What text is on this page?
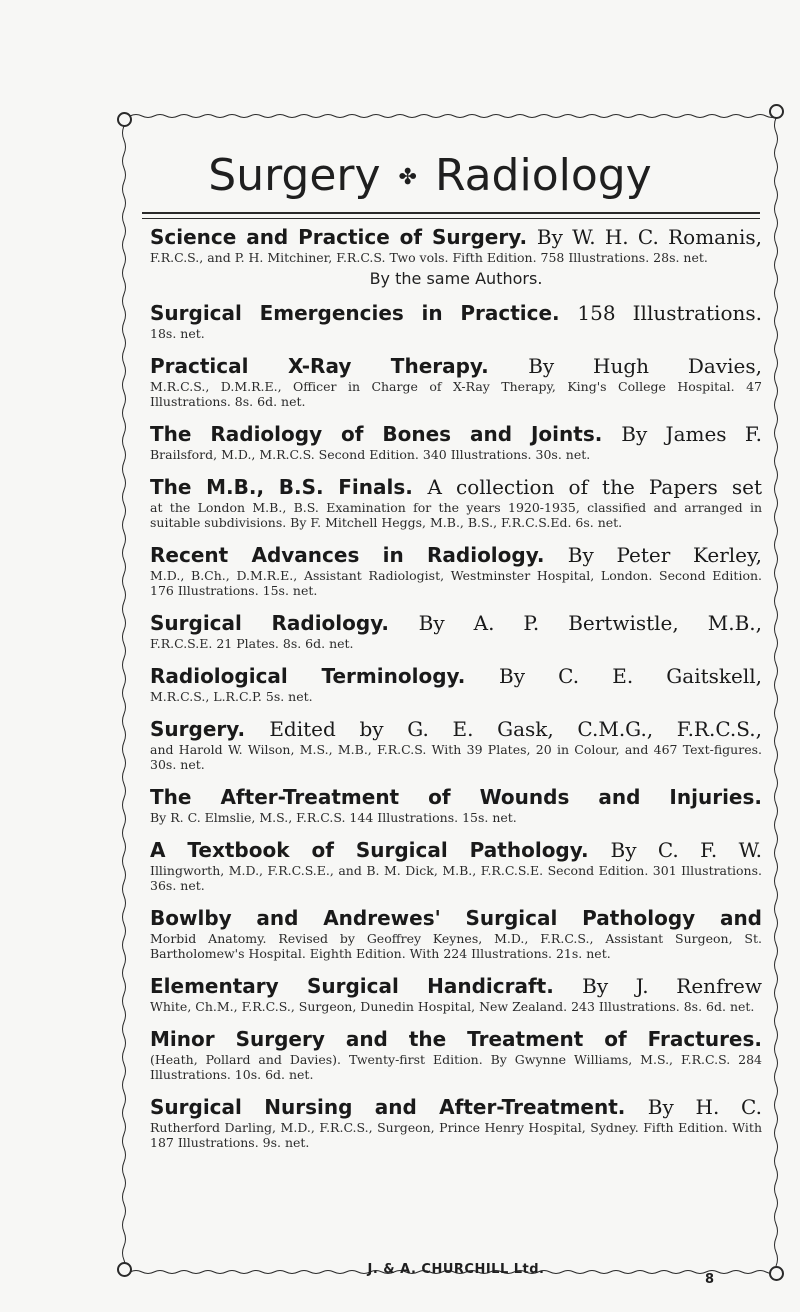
Surgery ✤ Radiology
Science and Practice of Surgery. By W. H. C. Romanis,
F.R.C.S., and P. H. Mitchiner, F.R.C.S. Two vols. Fifth Edition. 758 Illustrations. 28s. net.
By the same Authors.
Surgical Emergencies in Practice. 158 Illustrations.
18s. net.
Practical X-Ray Therapy. By Hugh Davies,
M.R.C.S., D.M.R.E., Officer in Charge of X-Ray Therapy, King's College Hospital. 47 Illustrations. 8s. 6d. net.
The Radiology of Bones and Joints. By James F.
Brailsford, M.D., M.R.C.S. Second Edition. 340 Illustrations. 30s. net.
The M.B., B.S. Finals. A collection of the Papers set
at the London M.B., B.S. Examination for the years 1920-1935, classified and arranged in suitable subdivisions. By F. Mitchell Heggs, M.B., B.S., F.R.C.S.Ed. 6s. net.
Recent Advances in Radiology. By Peter Kerley,
M.D., B.Ch., D.M.R.E., Assistant Radiologist, Westminster Hospital, London. Second Edition. 176 Illustrations. 15s. net.
Surgical Radiology. By A. P. Bertwistle, M.B.,
F.R.C.S.E. 21 Plates. 8s. 6d. net.
Radiological Terminology. By C. E. Gaitskell,
M.R.C.S., L.R.C.P. 5s. net.
Surgery. Edited by G. E. Gask, C.M.G., F.R.C.S.,
and Harold W. Wilson, M.S., M.B., F.R.C.S. With 39 Plates, 20 in Colour, and 467 Text-figures. 30s. net.
The After-Treatment of Wounds and Injuries.
By R. C. Elmslie, M.S., F.R.C.S. 144 Illustrations. 15s. net.
A Textbook of Surgical Pathology. By C. F. W.
Illingworth, M.D., F.R.C.S.E., and B. M. Dick, M.B., F.R.C.S.E. Second Edition. 301 Illustrations. 36s. net.
Bowlby and Andrewes' Surgical Pathology and
Morbid Anatomy. Revised by Geoffrey Keynes, M.D., F.R.C.S., Assistant Surgeon, St. Bartholomew's Hospital. Eighth Edition. With 224 Illustrations. 21s. net.
Elementary Surgical Handicraft. By J. Renfrew
White, Ch.M., F.R.C.S., Surgeon, Dunedin Hospital, New Zealand. 243 Illustrations. 8s. 6d. net.
Minor Surgery and the Treatment of Fractures.
(Heath, Pollard and Davies). Twenty-first Edition. By Gwynne Williams, M.S., F.R.C.S. 284 Illustrations. 10s. 6d. net.
Surgical Nursing and After-Treatment. By H. C.
Rutherford Darling, M.D., F.R.C.S., Surgeon, Prince Henry Hospital, Sydney. Fifth Edition. With 187 Illustrations. 9s. net.
J. & A. CHURCHILL Ltd.
8
